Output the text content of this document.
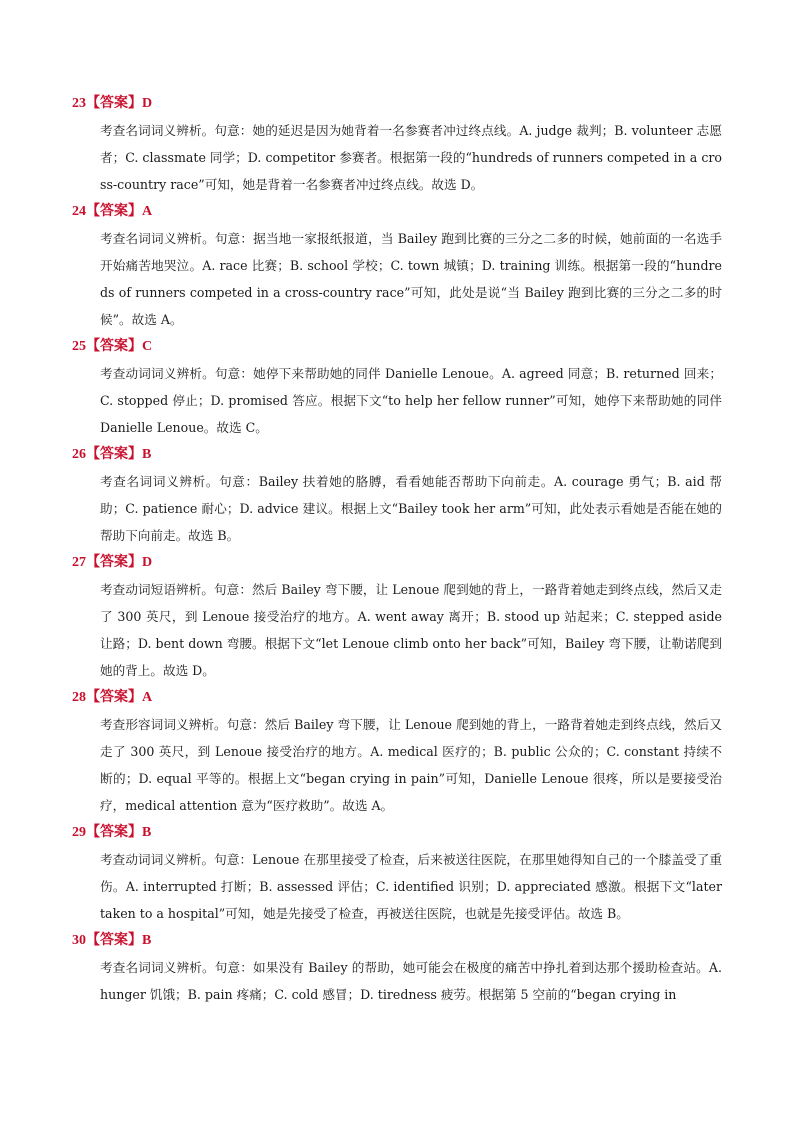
23【答案】D

考查名词词义辨析。句意：她的延迟是因为她背着一名参赛者冲过终点线。A. judge 裁判；B. volunteer 志愿者；C. classmate 同学；D. competitor 参赛者。根据第一段的“hundreds of runners competed in a cross-country race”可知，她是背着一名参赛者冲过终点线。故选 D。

24【答案】A

考查名词词义辨析。句意：据当地一家报纸报道，当 Bailey 跑到比赛的三分之二多的时候，她前面的一名选手开始痛苦地哭泣。A. race 比赛；B. school 学校；C. town 城镇；D. training 训练。根据第一段的“hundreds of runners competed in a cross-country race”可知，此处是说“当 Bailey 跑到比赛的三分之二多的时候”。故选 A。

25【答案】C

考查动词词义辨析。句意：她停下来帮助她的同伴 Danielle Lenoue。A. agreed 同意；B. returned 回来；C. stopped 停止；D. promised 答应。根据下文“to help her fellow runner”可知，她停下来帮助她的同伴 Danielle Lenoue。故选 C。

26【答案】B

考查名词词义辨析。句意：Bailey 扶着她的胳膊，看看她能否帮助下向前走。A. courage 勇气；B. aid 帮助；C. patience 耐心；D. advice 建议。根据上文“Bailey took her arm”可知，此处表示看她是否能在她的帮助下向前走。故选 B。

27【答案】D

考查动词短语辨析。句意：然后 Bailey 弯下腰，让 Lenoue 爬到她的背上，一路背着她走到终点线，然后又走了 300 英尺，到 Lenoue 接受治疗的地方。A. went away 离开；B. stood up 站起来；C. stepped aside 让路；D. bent down 弯腰。根据下文“let Lenoue climb onto her back”可知，Bailey 弯下腰，让勒诺爬到她的背上。故选 D。

28【答案】A

考查形容词词义辨析。句意：然后 Bailey 弯下腰，让 Lenoue 爬到她的背上，一路背着她走到终点线，然后又走了 300 英尺，到 Lenoue 接受治疗的地方。A. medical 医疗的；B. public 公众的；C. constant 持续不断的；D. equal 平等的。根据上文“began crying in pain”可知，Danielle Lenoue 很疼，所以是要接受治疗，medical attention 意为“医疗救助”。故选 A。

29【答案】B

考查动词词义辨析。句意：Lenoue 在那里接受了检查，后来被送往医院，在那里她得知自己的一个膝盖受了重伤。A. interrupted 打断；B. assessed 评估；C. identified 识别；D. appreciated 感激。根据下文“later taken to a hospital”可知，她是先接受了检查，再被送往医院，也就是先接受评估。故选 B。

30【答案】B

考查名词词义辨析。句意：如果没有 Bailey 的帮助，她可能会在极度的痛苦中挣扎着到达那个援助检查站。A. hunger 饥饿；B. pain 疼痛；C. cold 感冒；D. tiredness 疲劳。根据第 5 空前的“began crying in
